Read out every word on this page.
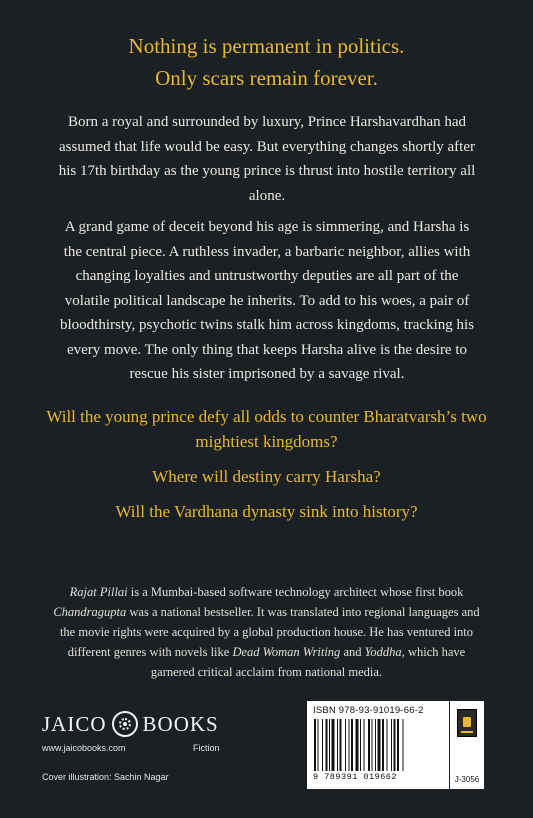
Nothing is permanent in politics.
Only scars remain forever.

Born a royal and surrounded by luxury, Prince Harshavardhan had assumed that life would be easy. But everything changes shortly after his 17th birthday as the young prince is thrust into hostile territory all alone.

A grand game of deceit beyond his age is simmering, and Harsha is the central piece. A ruthless invader, a barbaric neighbor, allies with changing loyalties and untrustworthy deputies are all part of the volatile political landscape he inherits. To add to his woes, a pair of bloodthirsty, psychotic twins stalk him across kingdoms, tracking his every move. The only thing that keeps Harsha alive is the desire to rescue his sister imprisoned by a savage rival.

Will the young prince defy all odds to counter Bharatvarsh’s two mightiest kingdoms?

Where will destiny carry Harsha?

Will the Vardhana dynasty sink into history?

Rajat Pillai is a Mumbai-based software technology architect whose first book Chandragupta was a national bestseller. It was translated into regional languages and the movie rights were acquired by a global production house. He has ventured into different genres with novels like Dead Woman Writing and Yoddha, which have garnered critical acclaim from national media.
JAICO BOOKS
www.jaicobooks.com	Fiction
Cover illustration: Sachin Nagar
ISBN 978-93-91019-66-2
9 789391 019662	J-3056
